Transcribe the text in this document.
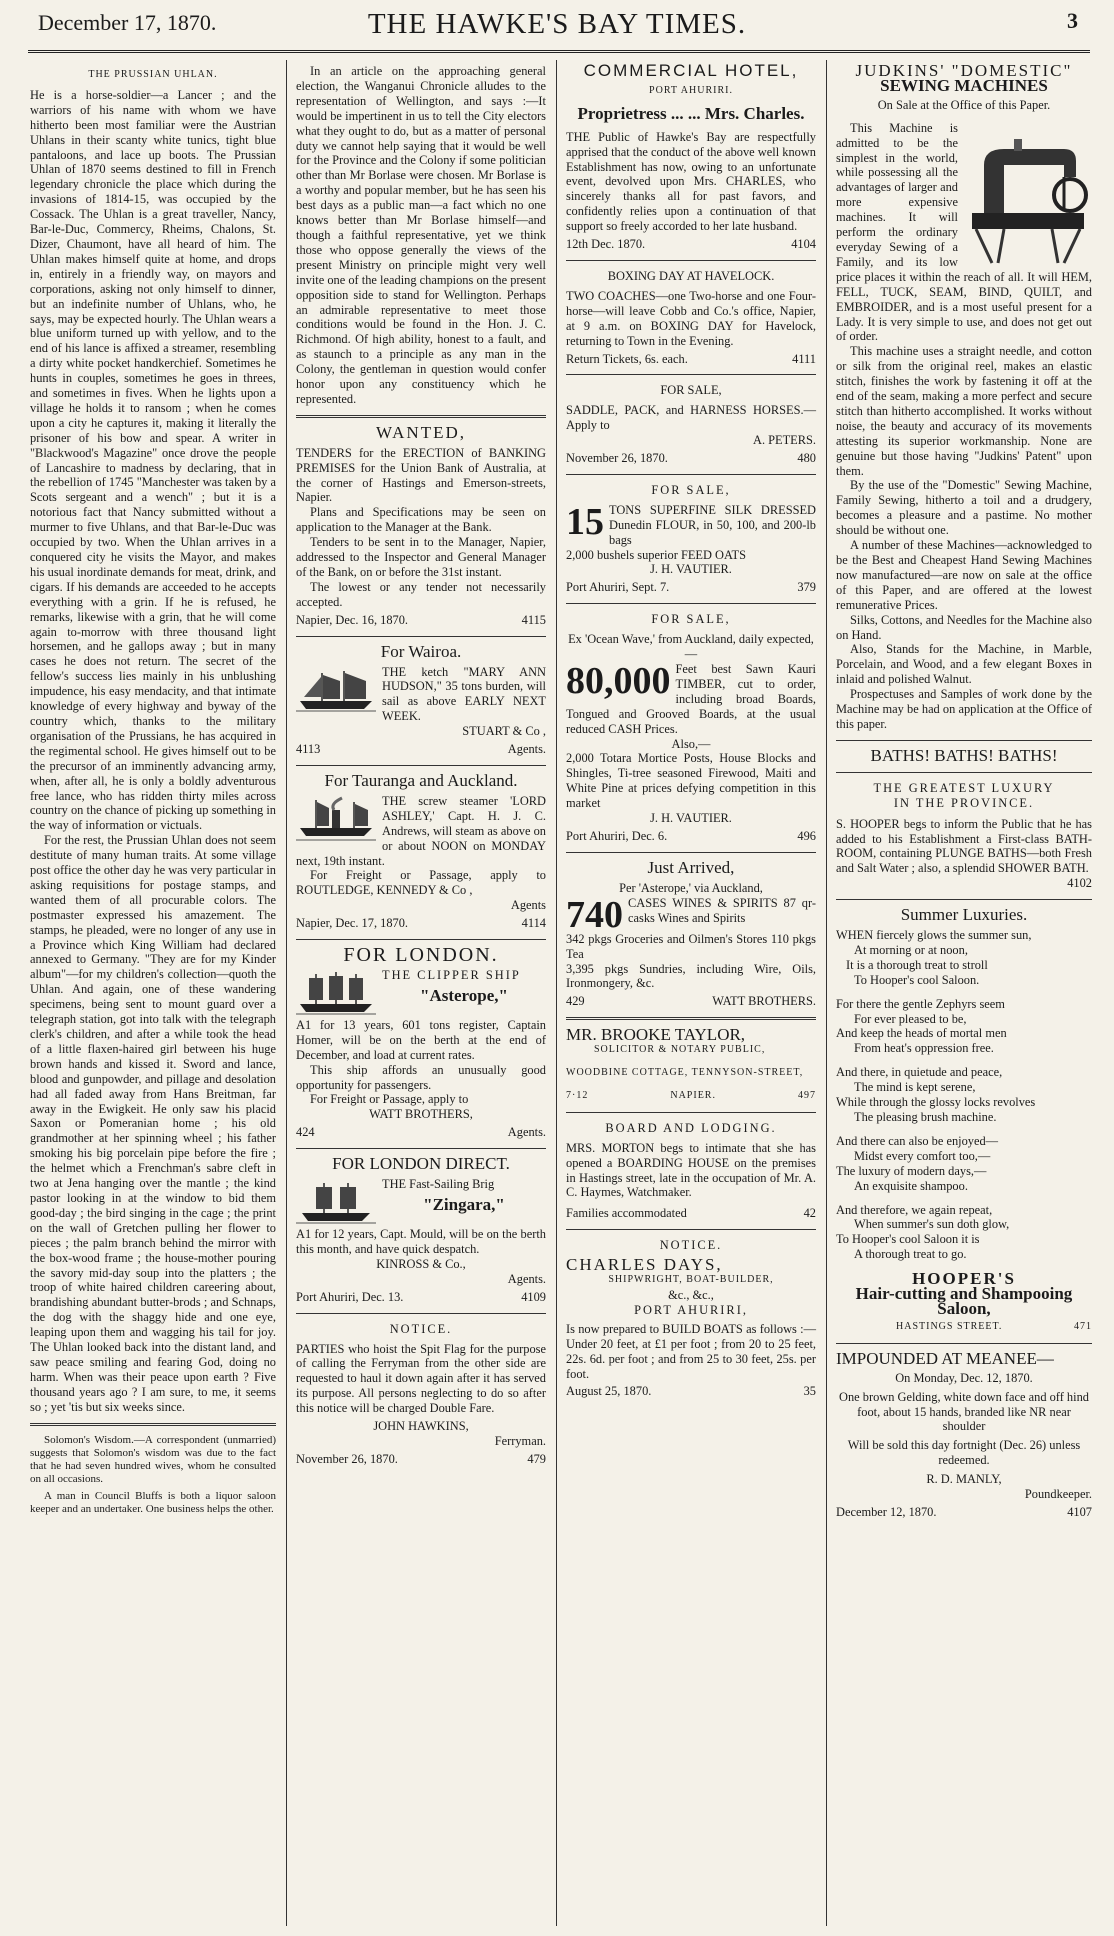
December 17, 1870.	THE HAWKE'S BAY TIMES.	3
THE PRUSSIAN UHLAN.

He is a horse-soldier—a Lancer ; and the warriors of his name with whom we have hitherto been most familiar were the Austrian Uhlans in their scanty white tunics, tight blue pantaloons, and lace up boots. The Prussian Uhlan of 1870 seems destined to fill in French legendary chronicle the place which during the invasions of 1814-15, was occupied by the Cossack. The Uhlan is a great traveller, Nancy, Bar-le-Duc, Commercy, Rheims, Chalons, St. Dizer, Chaumont, have all heard of him. The Uhlan makes himself quite at home, and drops in, entirely in a friendly way, on mayors and corporations, asking not only himself to dinner, but an indefinite number of Uhlans, who, he says, may be expected hourly. The Uhlan wears a blue uniform turned up with yellow, and to the end of his lance is affixed a streamer, resembling a dirty white pocket handkerchief. Sometimes he hunts in couples, sometimes he goes in threes, and sometimes in fives. When he lights upon a village he holds it to ransom ; when he comes upon a city he captures it, making it literally the prisoner of his bow and spear. A writer in "Blackwood's Magazine" once drove the people of Lancashire to madness by declaring, that in the rebellion of 1745 "Manchester was taken by a Scots sergeant and a wench" ; but it is a notorious fact that Nancy submitted without a murmer to five Uhlans, and that Bar-le-Duc was occupied by two. When the Uhlan arrives in a conquered city he visits the Mayor, and makes his usual inordinate demands for meat, drink, and cigars. If his demands are acceeded to he accepts everything with a grin. If he is refused, he remarks, likewise with a grin, that he will come again to-morrow with three thousand light horsemen, and he gallops away ; but in many cases he does not return. The secret of the fellow's success lies mainly in his unblushing impudence, his easy mendacity, and that intimate knowledge of every highway and byway of the country which, thanks to the military organisation of the Prussians, he has acquired in the regimental school. He gives himself out to be the precursor of an imminently advancing army, when, after all, he is only a boldly adventurous free lance, who has ridden thirty miles across country on the chance of picking up something in the way of information or victuals.

For the rest, the Prussian Uhlan does not seem destitute of many human traits. At some village post office the other day he was very particular in asking requisitions for postage stamps, and wanted them of all procurable colors. The postmaster expressed his amazement. The stamps, he pleaded, were no longer of any use in a Province which King William had declared annexed to Germany. "They are for my Kinder album"—for my children's collection—quoth the Uhlan. And again, one of these wandering specimens, being sent to mount guard over a telegraph station, got into talk with the telegraph clerk's children, and after a while took the head of a little flaxen-haired girl between his huge brown hands and kissed it. Sword and lance, blood and gunpowder, and pillage and desolation had all faded away from Hans Breitman, far away in the Ewigkeit. He only saw his placid Saxon or Pomeranian home ; his old grandmother at her spinning wheel ; his father smoking his big porcelain pipe before the fire ; the helmet which a Frenchman's sabre cleft in two at Jena hanging over the mantle ; the kind pastor looking in at the window to bid them good-day ; the bird singing in the cage ; the print on the wall of Gretchen pulling her flower to pieces ; the palm branch behind the mirror with the box-wood frame ; the house-mother pouring the savory mid-day soup into the platters ; the troop of white haired children careering about, brandishing abundant butter-brods ; and Schnaps, the dog with the shaggy hide and one eye, leaping upon them and wagging his tail for joy. The Uhlan looked back into the distant land, and saw peace smiling and fearing God, doing no harm. When was their peace upon earth ? Five thousand years ago ? I am sure, to me, it seems so ; yet 'tis but six weeks since.

Solomon's Wisdom.—A correspondent (unmarried) suggests that Solomon's wisdom was due to the fact that he had seven hundred wives, whom he consulted on all occasions.

A man in Council Bluffs is both a liquor saloon keeper and an undertaker. One business helps the other.

In an article on the approaching general election, the Wanganui Chronicle alludes to the representation of Wellington, and says :—It would be impertinent in us to tell the City electors what they ought to do, but as a matter of personal duty we cannot help saying that it would be well for the Province and the Colony if some politician other than Mr Borlase were chosen. Mr Borlase is a worthy and popular member, but he has seen his best days as a public man—a fact which no one knows better than Mr Borlase himself—and though a faithful representative, yet we think those who oppose generally the views of the present Ministry on principle might very well invite one of the leading champions on the present opposition side to stand for Wellington. Perhaps an admirable representative to meet those conditions would be found in the Hon. J. C. Richmond. Of high ability, honest to a fault, and as staunch to a principle as any man in the Colony, the gentleman in question would confer honor upon any constituency which he represented.

WANTED,

TENDERS for the ERECTION of BANKING PREMISES for the Union Bank of Australia, at the corner of Hastings and Emerson-streets, Napier.

Plans and Specifications may be seen on application to the Manager at the Bank.

Tenders to be sent in to the Manager, Napier, addressed to the Inspector and General Manager of the Bank, on or before the 31st instant.

The lowest or any tender not necessarily accepted.

Napier, Dec. 16, 1870.	4115
For Wairoa.

THE ketch "MARY ANN HUDSON," 35 tons burden, will sail as above EARLY NEXT WEEK.

STUART & Co ,
4113	Agents.
For Tauranga and Auckland.

THE screw steamer 'LORD ASHLEY,' Capt. H. J. C. Andrews, will steam as above on or about NOON on MONDAY next, 19th instant.

For Freight or Passage, apply to ROUTLEDGE, KENNEDY & Co ,

Agents
Napier, Dec. 17, 1870.	4114
FOR LONDON.
THE CLIPPER SHIP
"Asterope,"

A1 for 13 years, 601 tons register, Captain Homer, will be on the berth at the end of December, and load at current rates.

This ship affords an unusually good opportunity for passengers.

For Freight or Passage, apply to

WATT BROTHERS,
424	Agents.
FOR LONDON DIRECT.
THE Fast-Sailing Brig
"Zingara,"

A1 for 12 years, Capt. Mould, will be on the berth this month, and have quick despatch.

KINROSS & Co.,
Agents.
Port Ahuriri, Dec. 13.	4109
NOTICE.

PARTIES who hoist the Spit Flag for the purpose of calling the Ferryman from the other side are requested to haul it down again after it has served its purpose. All persons neglecting to do so after this notice will be charged Double Fare.

JOHN HAWKINS,
Ferryman.
November 26, 1870.	479
COMMERCIAL HOTEL,
PORT AHURIRI.
Proprietress ... ... Mrs. Charles.

THE Public of Hawke's Bay are respectfully apprised that the conduct of the above well known Establishment has now, owing to an unfortunate event, devolved upon Mrs. CHARLES, who sincerely thanks all for past favors, and confidently relies upon a continuation of that support so freely accorded to her late husband.

12th Dec. 1870.	4104
BOXING DAY AT HAVELOCK.

TWO COACHES—one Two-horse and one Four-horse—will leave Cobb and Co.'s office, Napier, at 9 a.m. on BOXING DAY for Havelock, returning to Town in the Evening.

Return Tickets, 6s. each.	4111
FOR SALE,

SADDLE, PACK, and HARNESS HORSES.—Apply to

A. PETERS.
November 26, 1870.	480
FOR SALE,
15 TONS SUPERFINE SILK DRESSED Dunedin FLOUR, in 50, 100, and 200-lb bags

2,000 bushels superior FEED OATS

J. H. VAUTIER.
Port Ahuriri, Sept. 7.	379
FOR SALE,
Ex 'Ocean Wave,' from Auckland, daily expected,—
80,000 Feet best Sawn Kauri TIMBER, cut to order, including broad Boards, Tongued and Grooved Boards, at the usual reduced CASH Prices.

Also,—

2,000 Totara Mortice Posts, House Blocks and Shingles, Ti-tree seasoned Firewood, Maiti and White Pine at prices defying competition in this market

J. H. VAUTIER.
Port Ahuriri, Dec. 6.	496
Just Arrived,
Per 'Asterope,' via Auckland,
740 CASES WINES & SPIRITS 87 qr-casks Wines and Spirits

342 pkgs Groceries and Oilmen's Stores 110 pkgs Tea

3,395 pkgs Sundries, including Wire, Oils, Ironmongery, &c.

429	WATT BROTHERS.
MR. BROOKE TAYLOR,
SOLICITOR & NOTARY PUBLIC,
WOODBINE COTTAGE, TENNYSON-STREET,
7·12	NAPIER.	497
BOARD AND LODGING.

MRS. MORTON begs to intimate that she has opened a BOARDING HOUSE on the premises in Hastings street, late in the occupation of Mr. A. C. Haymes, Watchmaker.

Families accommodated	42
NOTICE.
CHARLES DAYS,
SHIPWRIGHT, BOAT-BUILDER,
&c., &c.,
PORT AHURIRI,

Is now prepared to BUILD BOATS as follows :—Under 20 feet, at £1 per foot ; from 20 to 25 feet, 22s. 6d. per foot ; and from 25 to 30 feet, 25s. per foot.

August 25, 1870.	35
JUDKINS' "DOMESTIC"
SEWING MACHINES
On Sale at the Office of this Paper.

This Machine is admitted to be the simplest in the world, while possessing all the advantages of larger and more expensive machines. It will perform the ordinary everyday Sewing of a Family, and its low price places it within the reach of all. It will HEM, FELL, TUCK, SEAM, BIND, QUILT, and EMBROIDER, and is a most useful present for a Lady. It is very simple to use, and does not get out of order.

This machine uses a straight needle, and cotton or silk from the original reel, makes an elastic stitch, finishes the work by fastening it off at the end of the seam, making a more perfect and secure stitch than hitherto accomplished. It works without noise, the beauty and accuracy of its movements attesting its superior workmanship. None are genuine but those having "Judkins' Patent" upon them.

By the use of the "Domestic" Sewing Machine, Family Sewing, hitherto a toil and a drudgery, becomes a pleasure and a pastime. No mother should be without one.

A number of these Machines—acknowledged to be the Best and Cheapest Hand Sewing Machines now manufactured—are now on sale at the office of this Paper, and are offered at the lowest remunerative Prices.

Silks, Cottons, and Needles for the Machine also on Hand.

Also, Stands for the Machine, in Marble, Porcelain, and Wood, and a few elegant Boxes in inlaid and polished Walnut.

Prospectuses and Samples of work done by the Machine may be had on application at the Office of this paper.

BATHS! BATHS! BATHS!
THE GREATEST LUXURY
IN THE PROVINCE.

S. HOOPER begs to inform the Public that he has added to his Establishment a First-class BATH-ROOM, containing PLUNGE BATHS—both Fresh and Salt Water ; also, a splendid SHOWER BATH.

4102
Summer Luxuries.

WHEN fiercely glows the summer sun,

At morning or at noon,

It is a thorough treat to stroll

To Hooper's cool Saloon.

For there the gentle Zephyrs seem

For ever pleased to be,

And keep the heads of mortal men

From heat's oppression free.

And there, in quietude and peace,

The mind is kept serene,

While through the glossy locks revolves

The pleasing brush machine.

And there can also be enjoyed—

Midst every comfort too,—

The luxury of modern days,—

An exquisite shampoo.

And therefore, we again repeat,

When summer's sun doth glow,

To Hooper's cool Saloon it is

A thorough treat to go.

HOOPER'S
Hair-cutting and Shampooing Saloon,
HASTINGS STREET.	471
IMPOUNDED AT MEANEE—
On Monday, Dec. 12, 1870.

One brown Gelding, white down face and off hind foot, about 15 hands, branded like NR near shoulder

Will be sold this day fortnight (Dec. 26) unless redeemed.

R. D. MANLY,
Poundkeeper.
December 12, 1870.	4107
